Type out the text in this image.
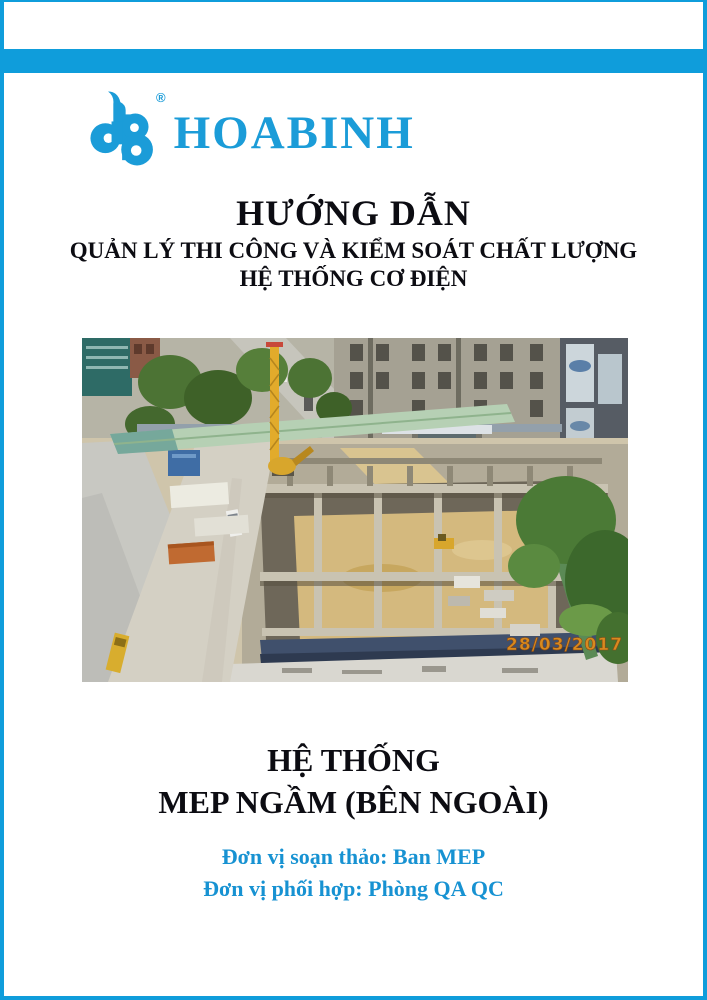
®
HOABINH
HƯỚNG DẪN
QUẢN LÝ THI CÔNG VÀ KIỂM SOÁT CHẤT LƯỢNG
HỆ THỐNG CƠ ĐIỆN
28/03/2017
HỆ THỐNG
MEP NGẦM (BÊN NGOÀI)
Đơn vị soạn thảo: Ban MEP
Đơn vị phối hợp: Phòng QA QC
